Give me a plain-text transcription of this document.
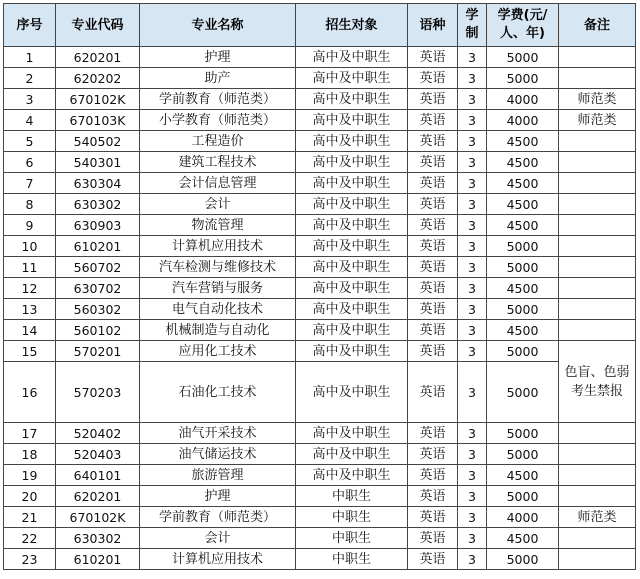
序号	专业代码	专业名称	招生对象	语种	学制	学费(元/人、年)	备注
1	620201	护理	高中及中职生	英语	3	5000	
2	620202	助产	高中及中职生	英语	3	5000	
3	670102K	学前教育（师范类）	高中及中职生	英语	3	4000	师范类
4	670103K	小学教育（师范类）	高中及中职生	英语	3	4000	师范类
5	540502	工程造价	高中及中职生	英语	3	4500	
6	540301	建筑工程技术	高中及中职生	英语	3	4500	
7	630304	会计信息管理	高中及中职生	英语	3	4500	
8	630302	会计	高中及中职生	英语	3	4500	
9	630903	物流管理	高中及中职生	英语	3	4500	
10	610201	计算机应用技术	高中及中职生	英语	3	5000	
11	560702	汽车检测与维修技术	高中及中职生	英语	3	5000	
12	630702	汽车营销与服务	高中及中职生	英语	3	4500	
13	560302	电气自动化技术	高中及中职生	英语	3	5000	
14	560102	机械制造与自动化	高中及中职生	英语	3	4500	
15	570201	应用化工技术	高中及中职生	英语	3	5000	色盲、色弱考生禁报
16	570203	石油化工技术	高中及中职生	英语	3	5000	
17	520402	油气开采技术	高中及中职生	英语	3	5000	
18	520403	油气储运技术	高中及中职生	英语	3	5000	
19	640101	旅游管理	高中及中职生	英语	3	4500	
20	620201	护理	中职生	英语	3	5000	
21	670102K	学前教育（师范类）	中职生	英语	3	4000	师范类
22	630302	会计	中职生	英语	3	4500	
23	610201	计算机应用技术	中职生	英语	3	5000	
